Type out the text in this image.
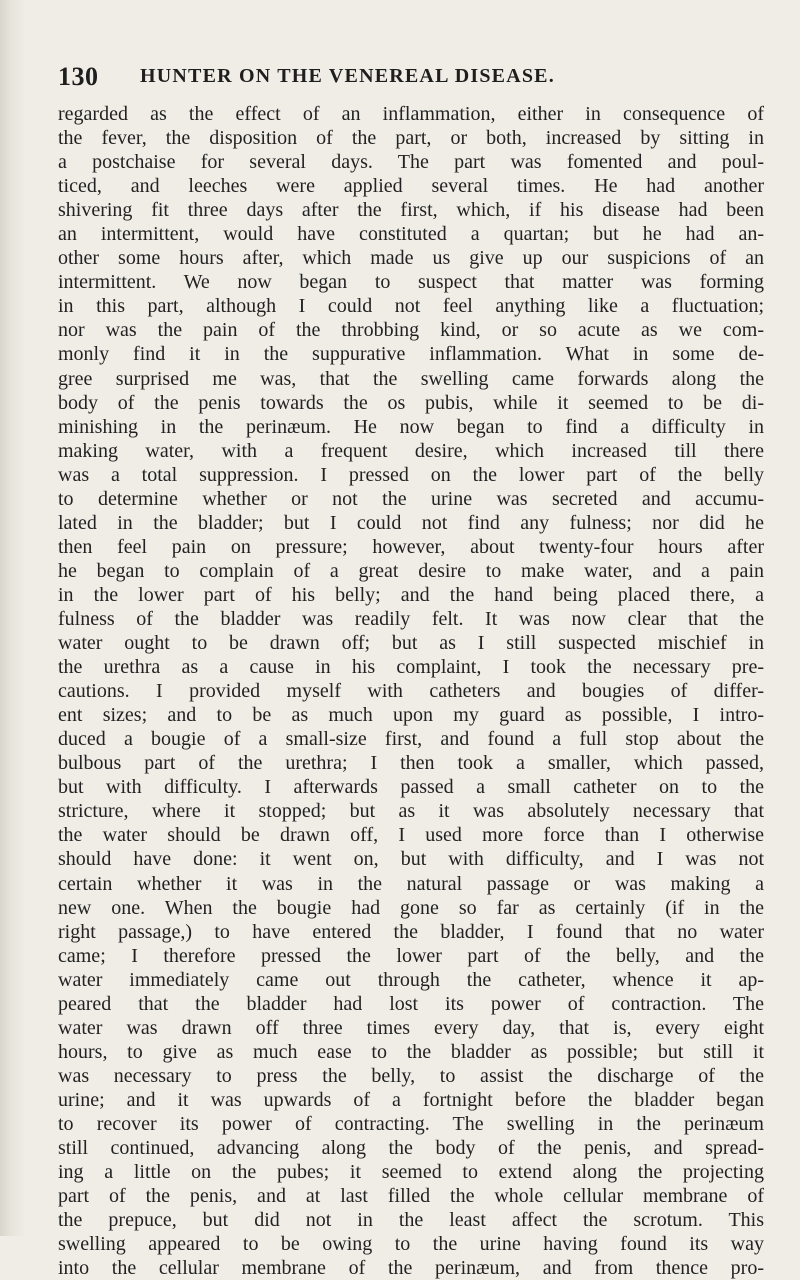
130 HUNTER ON THE VENEREAL DISEASE.
regarded as the effect of an inflammation, either in consequence of
the fever, the disposition of the part, or both, increased by sitting in
a postchaise for several days. The part was fomented and poul-
ticed, and leeches were applied several times. He had another
shivering fit three days after the first, which, if his disease had been
an intermittent, would have constituted a quartan; but he had an-
other some hours after, which made us give up our suspicions of an
intermittent. We now began to suspect that matter was forming
in this part, although I could not feel anything like a fluctuation;
nor was the pain of the throbbing kind, or so acute as we com-
monly find it in the suppurative inflammation. What in some de-
gree surprised me was, that the swelling came forwards along the
body of the penis towards the os pubis, while it seemed to be di-
minishing in the perinæum. He now began to find a difficulty in
making water, with a frequent desire, which increased till there
was a total suppression. I pressed on the lower part of the belly
to determine whether or not the urine was secreted and accumu-
lated in the bladder; but I could not find any fulness; nor did he
then feel pain on pressure; however, about twenty-four hours after
he began to complain of a great desire to make water, and a pain
in the lower part of his belly; and the hand being placed there, a
fulness of the bladder was readily felt. It was now clear that the
water ought to be drawn off; but as I still suspected mischief in
the urethra as a cause in his complaint, I took the necessary pre-
cautions. I provided myself with catheters and bougies of differ-
ent sizes; and to be as much upon my guard as possible, I intro-
duced a bougie of a small-size first, and found a full stop about the
bulbous part of the urethra; I then took a smaller, which passed,
but with difficulty. I afterwards passed a small catheter on to the
stricture, where it stopped; but as it was absolutely necessary that
the water should be drawn off, I used more force than I otherwise
should have done: it went on, but with difficulty, and I was not
certain whether it was in the natural passage or was making a
new one. When the bougie had gone so far as certainly (if in the
right passage,) to have entered the bladder, I found that no water
came; I therefore pressed the lower part of the belly, and the
water immediately came out through the catheter, whence it ap-
peared that the bladder had lost its power of contraction. The
water was drawn off three times every day, that is, every eight
hours, to give as much ease to the bladder as possible; but still it
was necessary to press the belly, to assist the discharge of the
urine; and it was upwards of a fortnight before the bladder began
to recover its power of contracting. The swelling in the perinæum
still continued, advancing along the body of the penis, and spread-
ing a little on the pubes; it seemed to extend along the projecting
part of the penis, and at last filled the whole cellular membrane of
the prepuce, but did not in the least affect the scrotum. This
swelling appeared to be owing to the urine having found its way
into the cellular membrane of the perinæum, and from thence pro-
